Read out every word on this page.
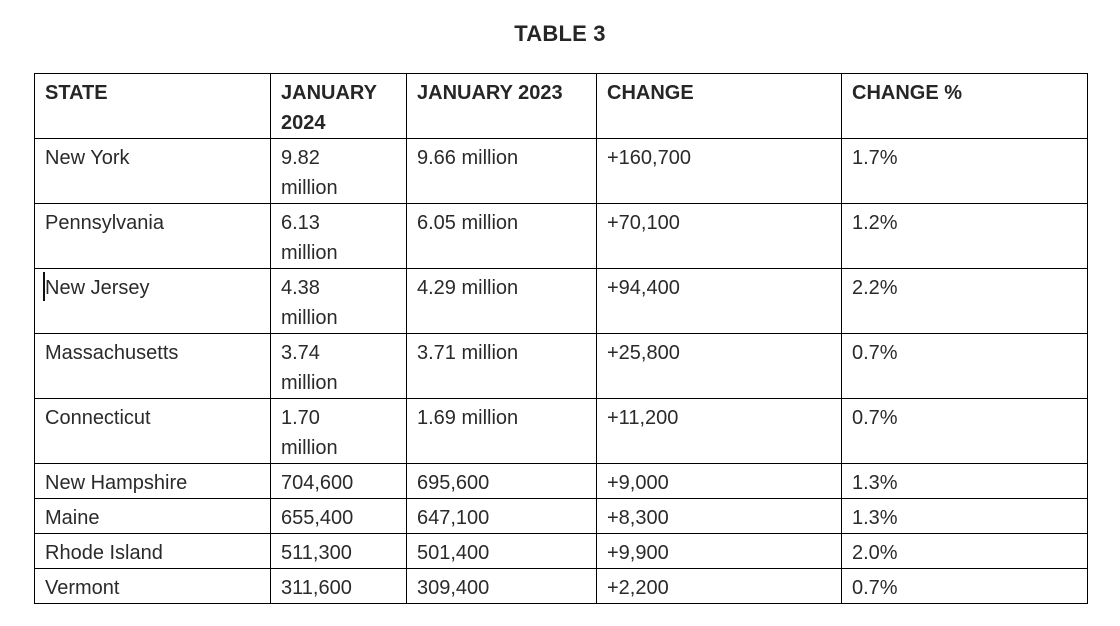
TABLE 3
STATE	JANUARY 2024	JANUARY 2023	CHANGE	CHANGE %
New York	9.82 million	9.66 million	+160,700	1.7%
Pennsylvania	6.13 million	6.05 million	+70,100	1.2%

New Jersey	4.38 million	4.29 million	+94,400	2.2%
Massachusetts	3.74 million	3.71 million	+25,800	0.7%
Connecticut	1.70 million	1.69 million	+11,200	0.7%
New Hampshire	704,600	695,600	+9,000	1.3%
Maine	655,400	647,100	+8,300	1.3%
Rhode Island	511,300	501,400	+9,900	2.0%
Vermont	311,600	309,400	+2,200	0.7%
